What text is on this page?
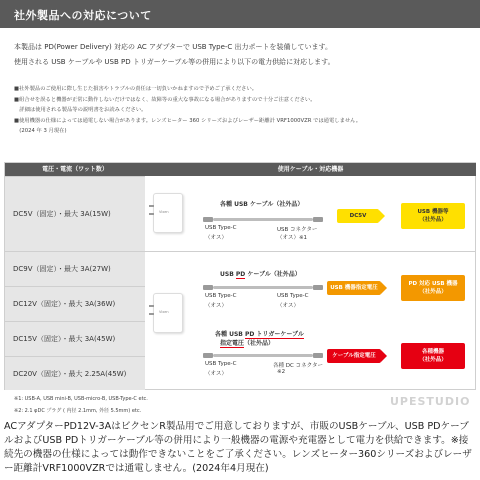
社外製品への対応について
本製品は PD(Power Delivery) 対応の AC アダプターで USB Type-C 出力ポートを装備しています。
使用される USB ケーブルや USB PD トリガーケーブル等の併用により以下の電力供給に対応します。
■社外製品のご使用に際し生じた損害やトラブルの責任は一切負いかねますので予めご了承ください。
■組合せを誤ると機器が正常に動作しないだけではなく、故障等の重大な事故になる場合がありますので十分ご注意ください。
　詳細は使用される製品等の説明書をお読みください。
■使用機器の仕様によっては通電しない場合があります。レンズヒーター 360 シリーズおよびレーザー距離計 VRF1000VZR では通電しません。
　(2024 年 3 月現在)
電圧・電流（ワット数）	使用ケーブル・対応機器
DC5V（固定）・最大 3A(15W)
DC9V（固定）・最大 3A(27W)
DC12V（固定）・最大 3A(36W)
DC15V（固定）・最大 3A(45W)
DC20V（固定）・最大 2.25A(45W)
Vixen
各種 USB ケーブル（社外品）
USB Type-C
（オス）
USB コネクター
（オス）※1
DC5V
USB 機器等
（社外品）
Vixen
USB PD ケーブル（社外品）
USB Type-C
（オス）
USB Type-C
（オス）
USB 機器指定電圧
PD 対応 USB 機器
（社外品）
各種 USB PD トリガーケーブル
指定電圧（社外品）
USB Type-C
（オス）
各種 DC コネクター
※2
ケーブル指定電圧
各種機器
（社外品）
UPESTUDIO
※1: USB-A, USB mini-B, USB-micro-B, USB-Type-C etc.
※2: 2.1 φDC プラグ ( 内径 2.1mm, 外径 5.5mm) etc.
ACアダプターPD12V-3AはビクセンR製品用でご用意しておりますが、市販のUSBケーブル、USB PDケーブルおよびUSB PDトリガーケーブル等の併用により一般機器の電源や充電器として電力を供給できます。※接続先の機器の仕様によっては動作できないことをご了承ください。レンズヒーター360シリーズおよびレーザー距離計VRF1000VZRでは通電しません。(2024年4月現在)
